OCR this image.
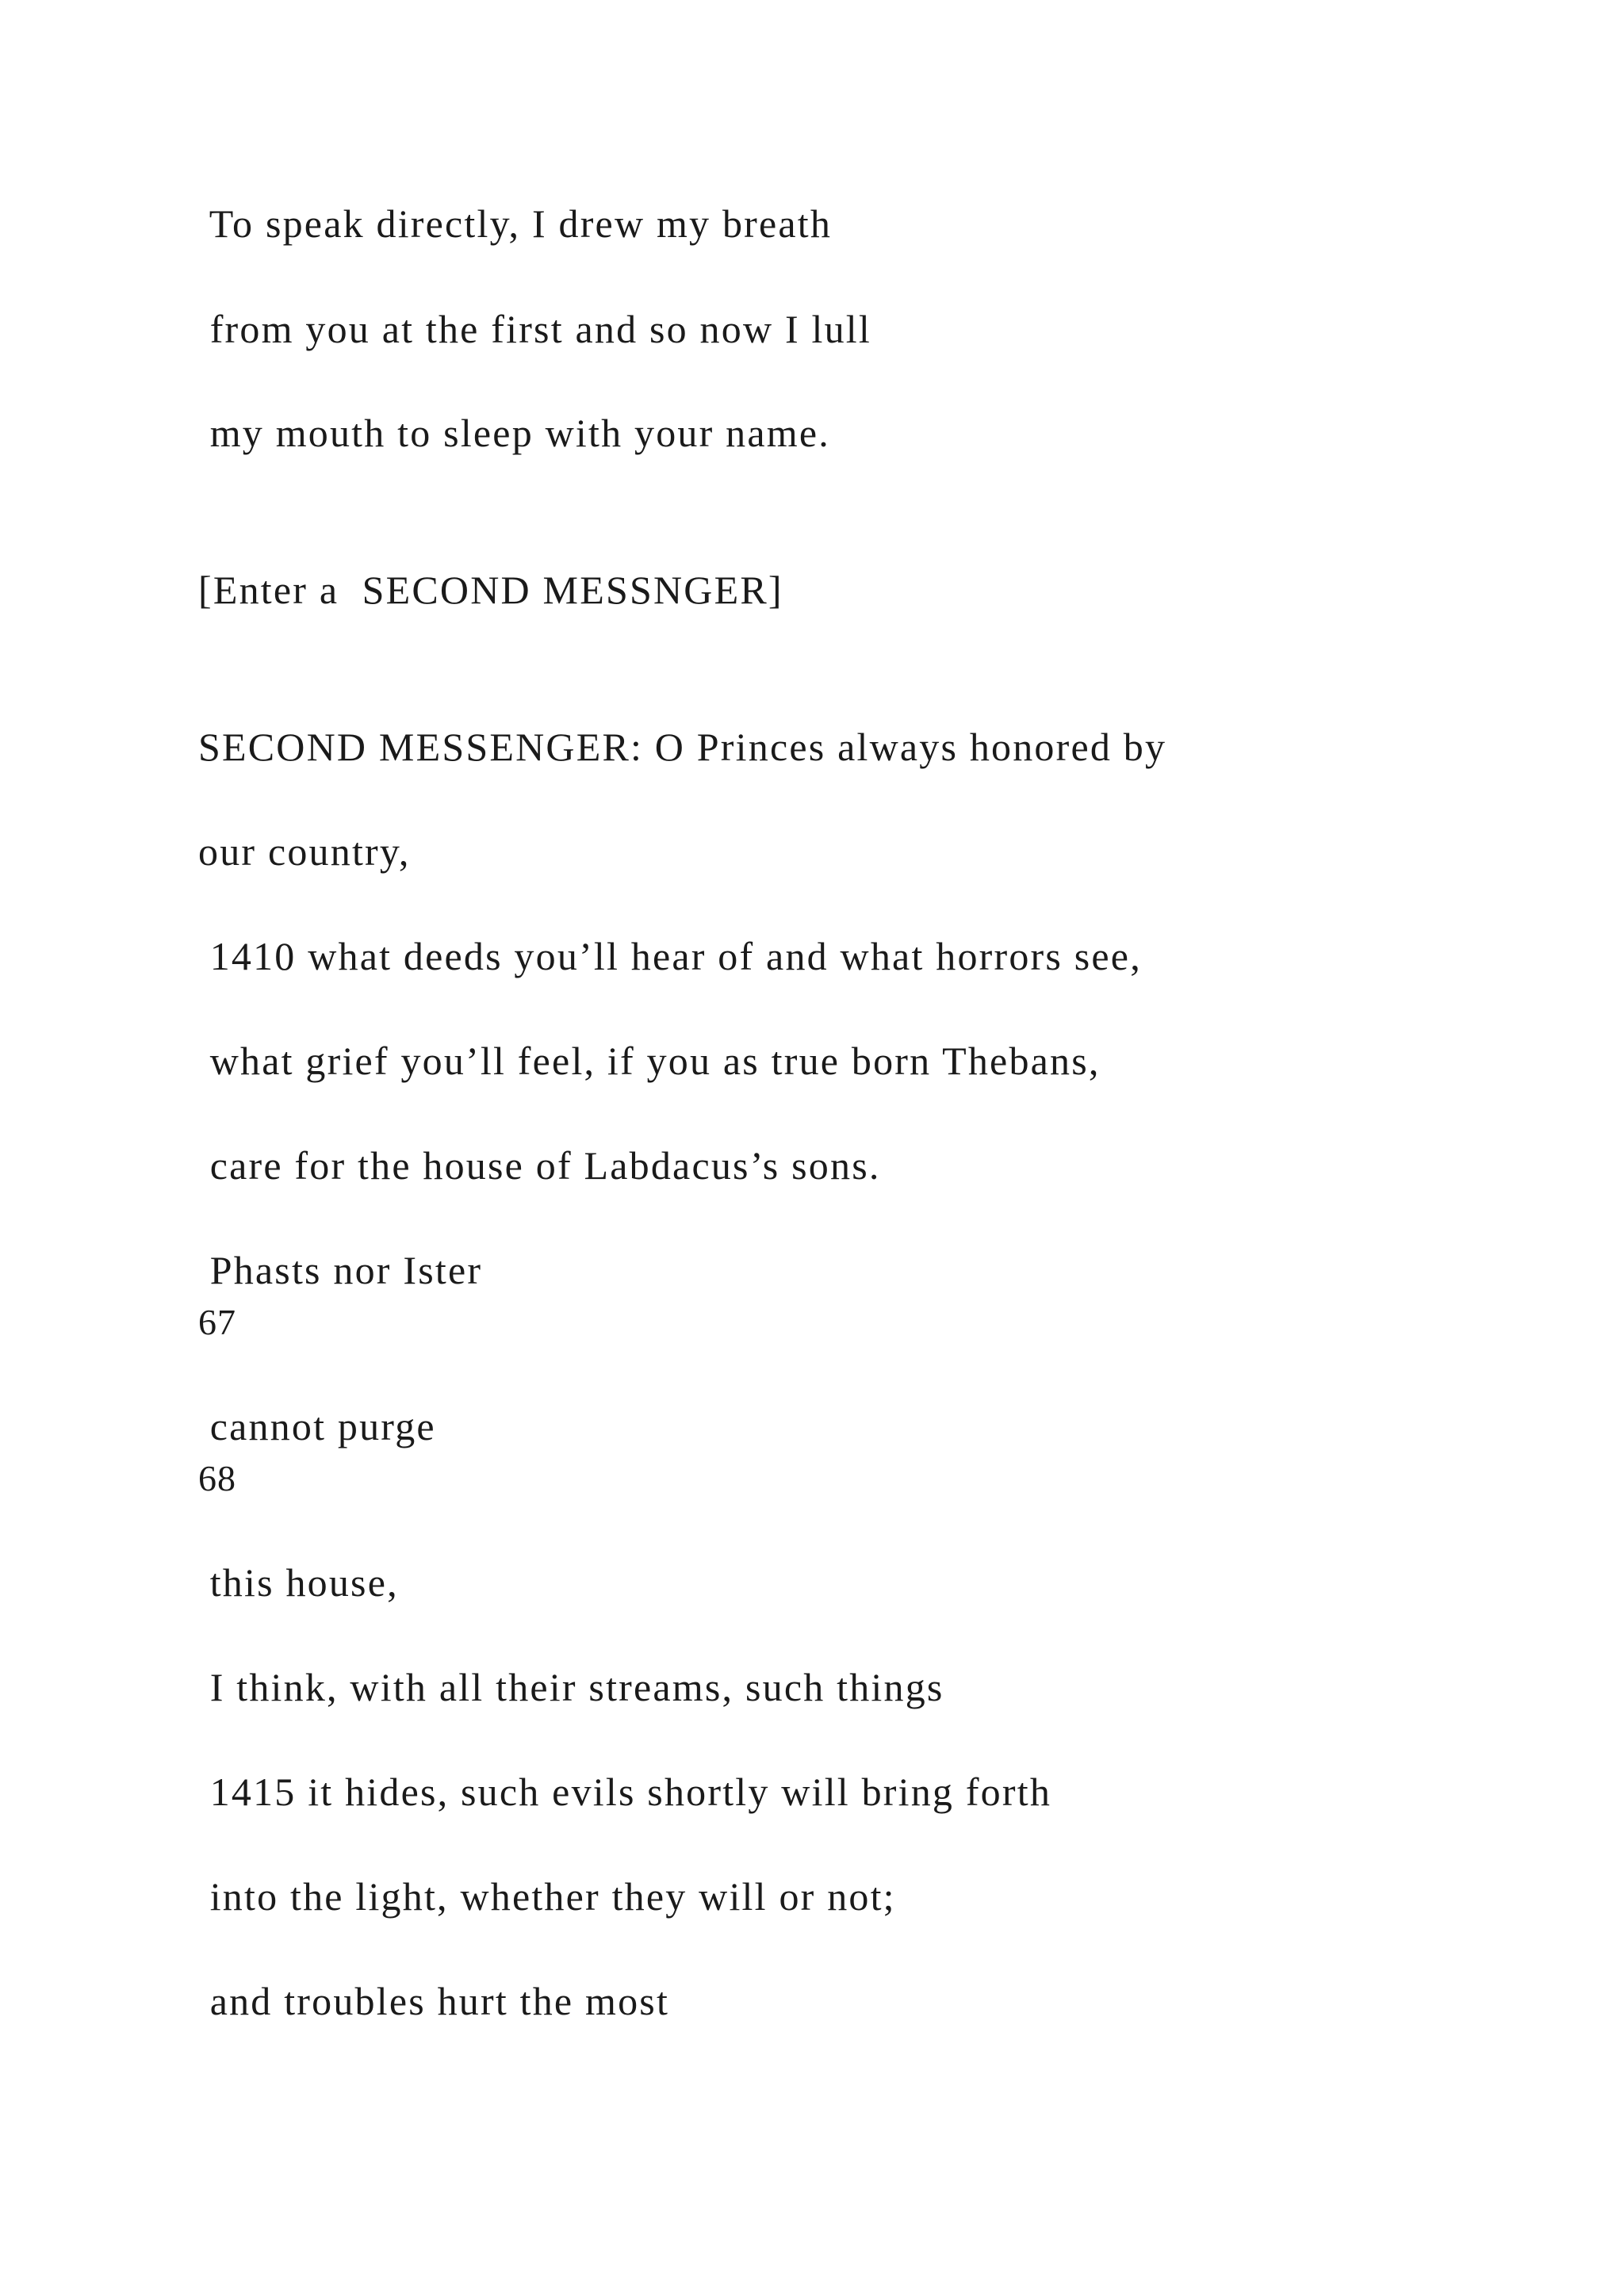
To speak directly, I drew my breath
from you at the first and so now I lull
my mouth to sleep with your name.
[Enter a  SECOND MESSNGER]
SECOND MESSENGER: O Princes always honored by
our country,
1410 what deeds you’ll hear of and what horrors see,
what grief you’ll feel, if you as true born Thebans,
care for the house of Labdacus’s sons.
Phasts nor Ister
67
cannot purge
68
this house,
I think, with all their streams, such things
1415 it hides, such evils shortly will bring forth
into the light, whether they will or not;
and troubles hurt the most
